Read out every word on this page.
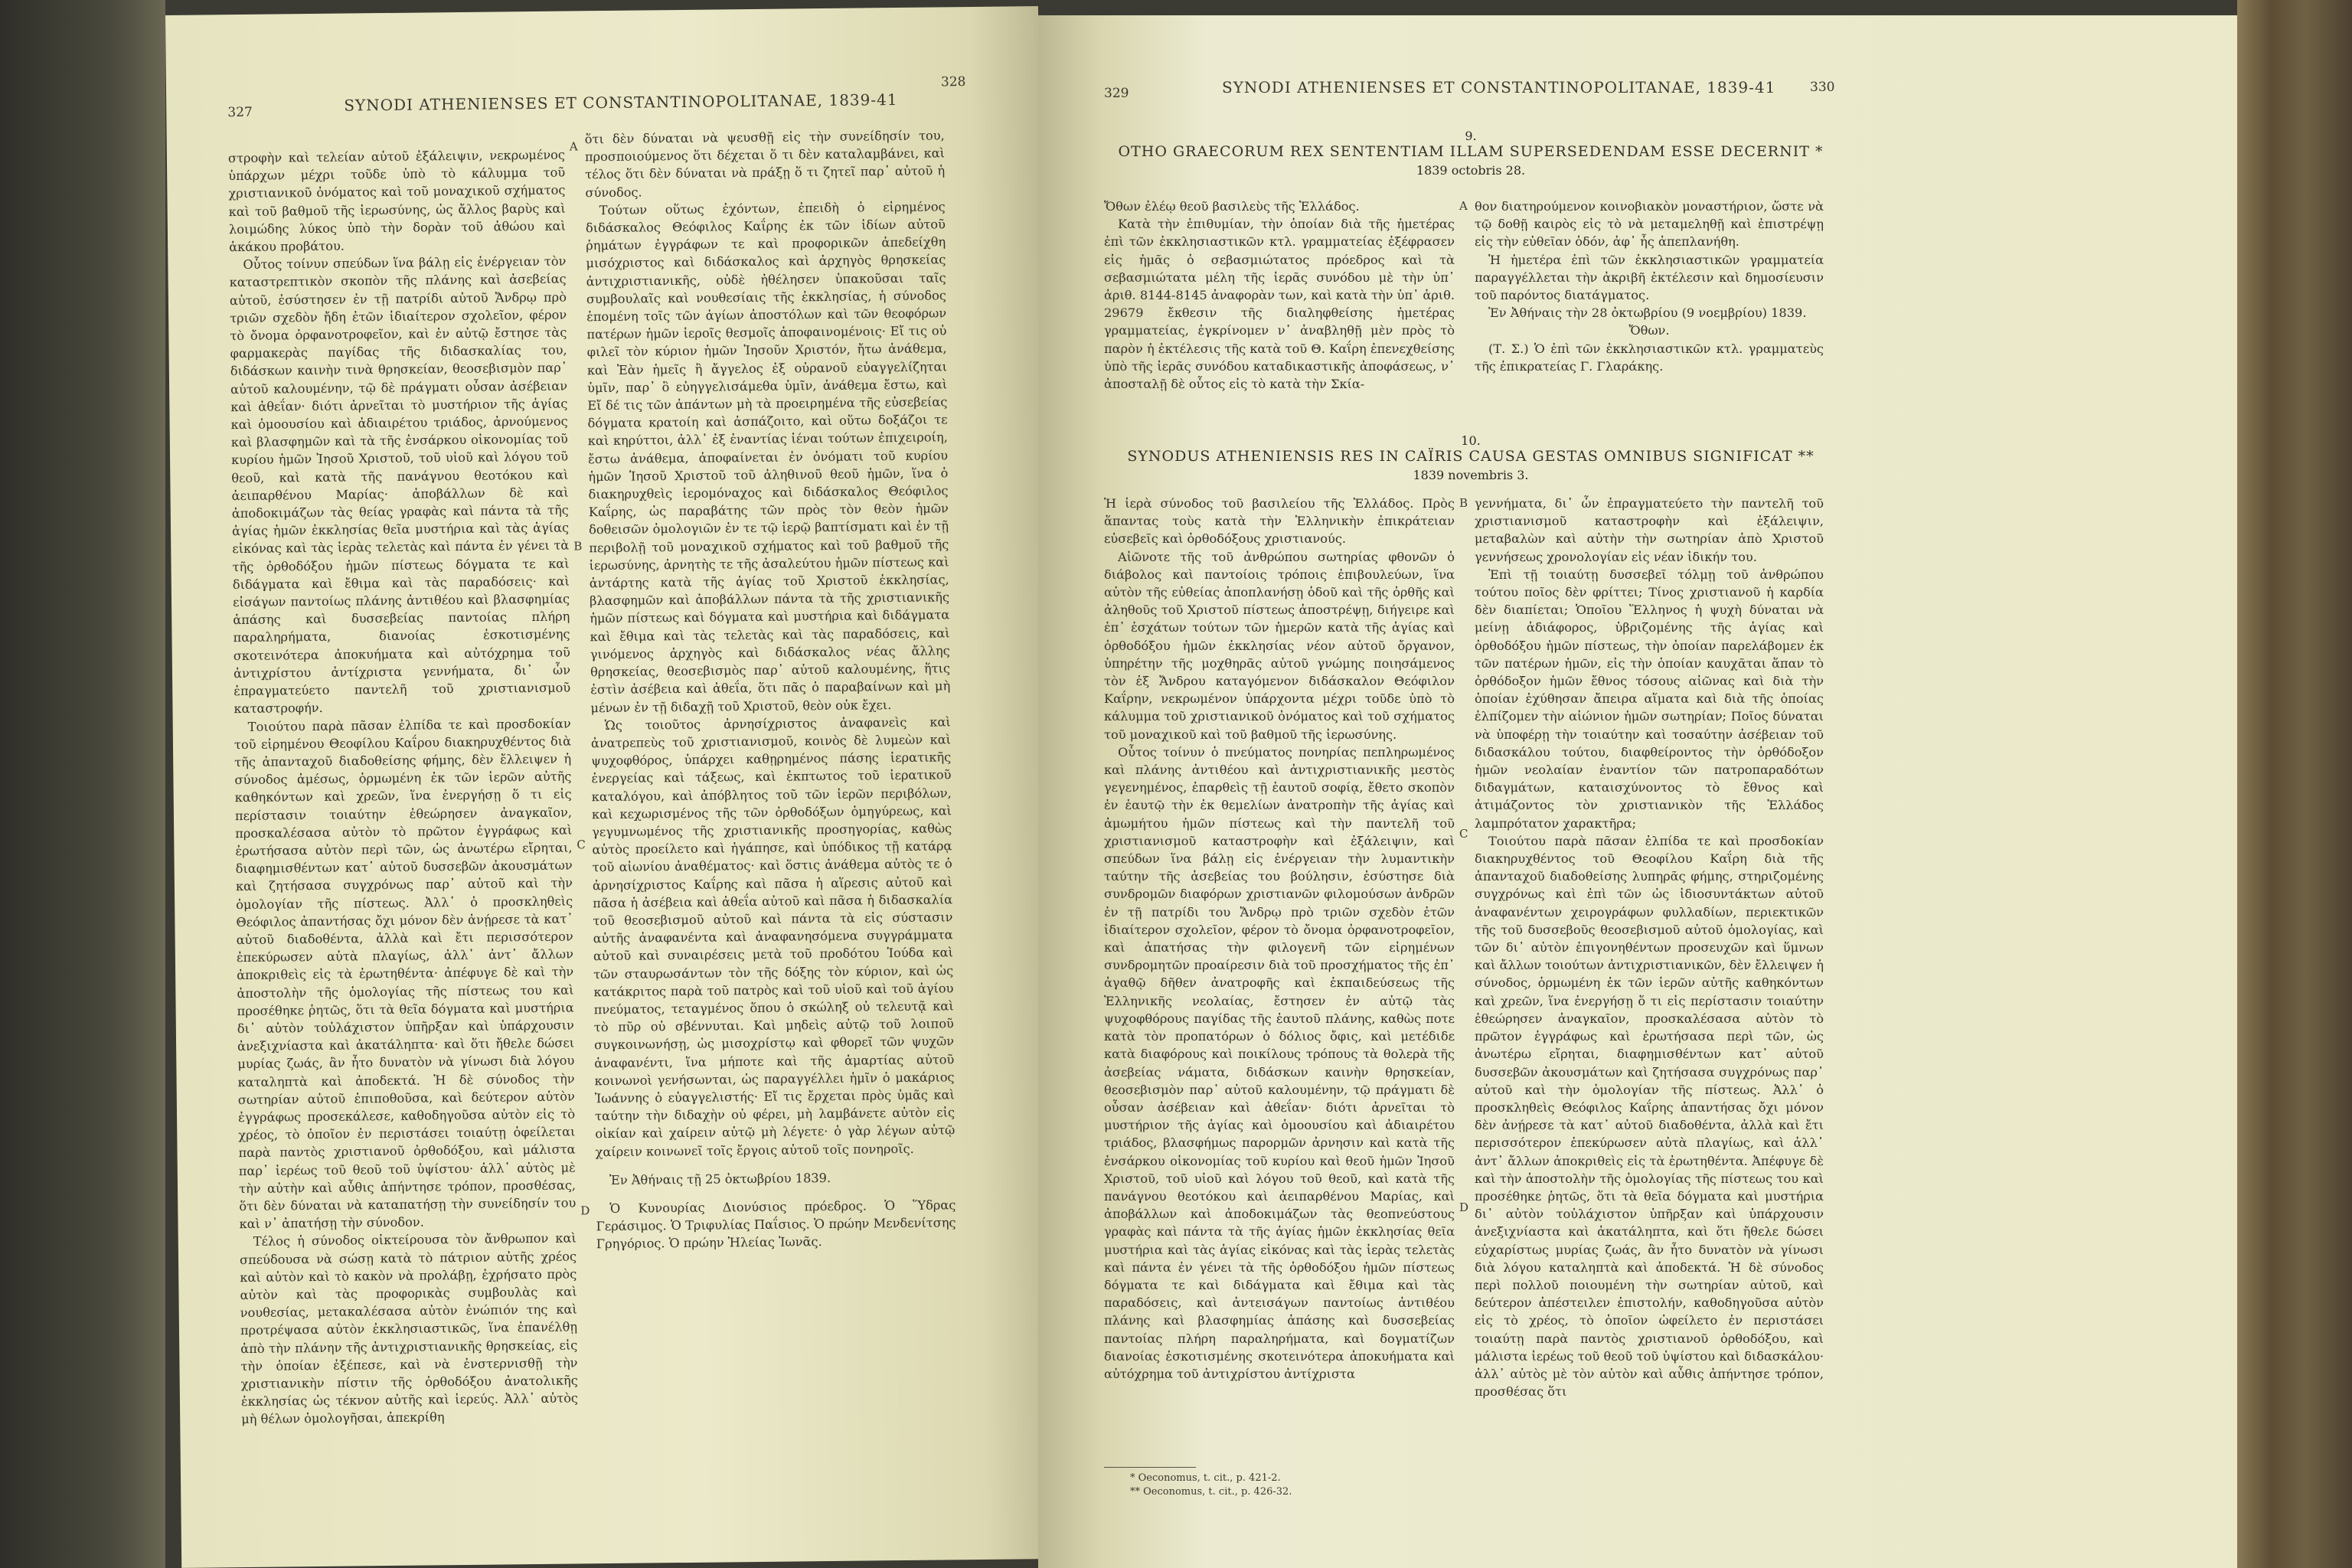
327	SYNODI ATHENIENSES ET CONSTANTINOPOLITANAE, 1839-41
328

στροφὴν καὶ τελείαν αὐτοῦ ἐξάλειψιν, νεκρωμένος ὑπάρχων μέχρι τοῦδε ὑπὸ τὸ κάλυμμα τοῦ χριστιανικοῦ ὀνόματος καὶ τοῦ μοναχικοῦ σχήματος καὶ τοῦ βαθμοῦ τῆς ἱερωσύνης, ὡς ἄλλος βαρὺς καὶ λοιμώδης λύκος ὑπὸ τὴν δορὰν τοῦ ἀθώου καὶ ἀκάκου προβάτου.

Οὗτος τοίνυν σπεύδων ἵνα βάλῃ εἰς ἐνέργειαν τὸν καταστρεπτικὸν σκοπὸν τῆς πλάνης καὶ ἀσεβείας αὐτοῦ, ἐσύστησεν ἐν τῇ πατρίδι αὐτοῦ Ἄνδρῳ πρὸ τριῶν σχεδὸν ἤδη ἐτῶν ἰδιαίτερον σχολεῖον, φέρον τὸ ὄνομα ὀρφανοτροφεῖον, καὶ ἐν αὐτῷ ἔστησε τὰς φαρμακερὰς παγίδας τῆς διδασκαλίας του, διδάσκων καινὴν τινὰ θρησκείαν, θεοσεβισμὸν παρ᾽ αὐτοῦ καλουμένην, τῷ δὲ πράγματι οὖσαν ἀσέβειαν καὶ ἀθεΐαν· διότι ἀρνεῖται τὸ μυστήριον τῆς ἁγίας καὶ ὁμοουσίου καὶ ἀδιαιρέτου τριάδος, ἀρνούμενος καὶ βλασφημῶν καὶ τὰ τῆς ἐνσάρκου οἰκονομίας τοῦ κυρίου ἡμῶν Ἰησοῦ Χριστοῦ, τοῦ υἱοῦ καὶ λόγου τοῦ θεοῦ, καὶ κατὰ τῆς πανάγνου θεοτόκου καὶ ἀειπαρθένου Μαρίας· ἀποβάλλων δὲ καὶ ἀποδοκιμάζων τὰς θείας γραφὰς καὶ πάντα τὰ τῆς ἁγίας ἡμῶν ἐκκλησίας θεῖα μυστήρια καὶ τὰς ἁγίας εἰκόνας καὶ τὰς ἱερὰς τελετὰς καὶ πάντα ἐν γένει τὰ τῆς ὀρθοδόξου ἡμῶν πίστεως δόγματα τε καὶ διδάγματα καὶ ἔθιμα καὶ τὰς παραδόσεις· καὶ εἰσάγων παντοίως πλάνης ἀντιθέου καὶ βλασφημίας ἁπάσης καὶ δυσσεβείας παντοίας πλήρη παραληρήματα, διανοίας ἐσκοτισμένης σκοτεινότερα ἀποκυήματα καὶ αὐτόχρημα τοῦ ἀντιχρίστου ἀντίχριστα γεννήματα, δι᾽ ὧν ἐπραγματεύετο παντελῆ τοῦ χριστιανισμοῦ καταστροφήν.

Τοιούτου παρὰ πᾶσαν ἐλπίδα τε καὶ προσδοκίαν τοῦ εἰρημένου Θεοφίλου Καΐρου διακηρυχθέντος διὰ τῆς ἁπανταχοῦ διαδοθείσης φήμης, δὲν ἔλλειψεν ἡ σύνοδος ἀμέσως, ὁρμωμένη ἐκ τῶν ἱερῶν αὐτῆς καθηκόντων καὶ χρεῶν, ἵνα ἐνεργήσῃ ὅ τι εἰς περίστασιν τοιαύτην ἐθεώρησεν ἀναγκαῖον, προσκαλέσασα αὐτὸν τὸ πρῶτον ἐγγράφως καὶ ἐρωτήσασα αὐτὸν περὶ τῶν, ὡς ἀνωτέρω εἴρηται, διαφημισθέντων κατ᾽ αὐτοῦ δυσσεβῶν ἀκουσμάτων καὶ ζητήσασα συγχρόνως παρ᾽ αὐτοῦ καὶ τὴν ὁμολογίαν τῆς πίστεως. Ἀλλ᾽ ὁ προσκληθεὶς Θεόφιλος ἀπαντήσας ὄχι μόνον δὲν ἀνῄρεσε τὰ κατ᾽ αὐτοῦ διαδοθέντα, ἀλλὰ καὶ ἔτι περισσότερον ἐπεκύρωσεν αὐτὰ πλαγίως, ἀλλ᾽ ἀντ᾽ ἄλλων ἀποκριθεὶς εἰς τὰ ἐρωτηθέντα· ἀπέφυγε δὲ καὶ τὴν ἀποστολὴν τῆς ὁμολογίας τῆς πίστεως του καὶ προσέθηκε ῥητῶς, ὅτι τὰ θεῖα δόγματα καὶ μυστήρια δι᾽ αὐτὸν τοὐλάχιστον ὑπῆρξαν καὶ ὑπάρχουσιν ἀνεξιχνίαστα καὶ ἀκατάληπτα· καὶ ὅτι ἤθελε δώσει μυρίας ζωάς, ἂν ἦτο δυνατὸν νὰ γίνωσι διὰ λόγου καταληπτὰ καὶ ἀποδεκτά. Ἡ δὲ σύνοδος τὴν σωτηρίαν αὐτοῦ ἐπιποθοῦσα, καὶ δεύτερον αὐτὸν ἐγγράφως προσεκάλεσε, καθοδηγοῦσα αὐτὸν εἰς τὸ χρέος, τὸ ὁποῖον ἐν περιστάσει τοιαύτῃ ὀφείλεται παρὰ παντὸς χριστιανοῦ ὀρθοδόξου, καὶ μάλιστα παρ᾽ ἱερέως τοῦ θεοῦ τοῦ ὑψίστου· ἀλλ᾽ αὐτὸς μὲ τὴν αὐτὴν καὶ αὖθις ἀπήντησε τρόπον, προσθέσας, ὅτι δὲν δύναται νὰ καταπατήσῃ τὴν συνείδησίν του καὶ ν᾽ ἀπατήσῃ τὴν σύνοδον.

Τέλος ἡ σύνοδος οἰκτείρουσα τὸν ἄνθρωπον καὶ σπεύδουσα νὰ σώσῃ κατὰ τὸ πάτριον αὐτῆς χρέος καὶ αὐτὸν καὶ τὸ κακὸν νὰ προλάβῃ, ἐχρήσατο πρὸς αὐτὸν καὶ τὰς προφορικὰς συμβουλὰς καὶ νουθεσίας, μετακαλέσασα αὐτὸν ἐνώπιόν της καὶ προτρέψασα αὐτὸν ἐκκλησιαστικῶς, ἵνα ἐπανέλθῃ ἀπὸ τὴν πλάνην τῆς ἀντιχριστιανικῆς θρησκείας, εἰς τὴν ὁποίαν ἐξέπεσε, καὶ νὰ ἐνστερνισθῇ τὴν χριστιανικὴν πίστιν τῆς ὀρθοδόξου ἀνατολικῆς ἐκκλησίας ὡς τέκνον αὐτῆς καὶ ἱερεύς. Ἀλλ᾽ αὐτὸς μὴ θέλων ὁμολογῆσαι, ἀπεκρίθη

A
B
C
D

ὅτι δὲν δύναται νὰ ψευσθῇ εἰς τὴν συνείδησίν του, προσποιούμενος ὅτι δέχεται ὅ τι δὲν καταλαμβάνει, καὶ τέλος ὅτι δὲν δύναται νὰ πράξῃ ὅ τι ζητεῖ παρ᾽ αὐτοῦ ἡ σύνοδος.

Τούτων οὕτως ἐχόντων, ἐπειδὴ ὁ εἰρημένος διδάσκαλος Θεόφιλος Καΐρης ἐκ τῶν ἰδίων αὐτοῦ ῥημάτων ἐγγράφων τε καὶ προφορικῶν ἀπεδείχθη μισόχριστος καὶ διδάσκαλος καὶ ἀρχηγὸς θρησκείας ἀντιχριστιανικῆς, οὐδὲ ἠθέλησεν ὑπακοῦσαι ταῖς συμβουλαῖς καὶ νουθεσίαις τῆς ἐκκλησίας, ἡ σύνοδος ἑπομένη τοῖς τῶν ἁγίων ἀποστόλων καὶ τῶν θεοφόρων πατέρων ἡμῶν ἱεροῖς θεσμοῖς ἀποφαινομένοις· Εἴ τις οὐ φιλεῖ τὸν κύριον ἡμῶν Ἰησοῦν Χριστόν, ἤτω ἀνάθεμα, καὶ Ἐὰν ἡμεῖς ἢ ἄγγελος ἐξ οὐρανοῦ εὐαγγελίζηται ὑμῖν, παρ᾽ ὃ εὐηγγελισάμεθα ὑμῖν, ἀνάθεμα ἔστω, καὶ Εἴ δέ τις τῶν ἁπάντων μὴ τὰ προειρημένα τῆς εὐσεβείας δόγματα κρατοίη καὶ ἀσπάζοιτο, καὶ οὕτω δοξάζοι τε καὶ κηρύττοι, ἀλλ᾽ ἐξ ἐναντίας ἰέναι τούτων ἐπιχειροίη, ἔστω ἀνάθεμα, ἀποφαίνεται ἐν ὀνόματι τοῦ κυρίου ἡμῶν Ἰησοῦ Χριστοῦ τοῦ ἀληθινοῦ θεοῦ ἡμῶν, ἵνα ὁ διακηρυχθεὶς ἱερομόναχος καὶ διδάσκαλος Θεόφιλος Καΐρης, ὡς παραβάτης τῶν πρὸς τὸν θεὸν ἡμῶν δοθεισῶν ὁμολογιῶν ἐν τε τῷ ἱερῷ βαπτίσματι καὶ ἐν τῇ περιβολῇ τοῦ μοναχικοῦ σχήματος καὶ τοῦ βαθμοῦ τῆς ἱερωσύνης, ἀρνητὴς τε τῆς ἀσαλεύτου ἡμῶν πίστεως καὶ ἀντάρτης κατὰ τῆς ἁγίας τοῦ Χριστοῦ ἐκκλησίας, βλασφημῶν καὶ ἀποβάλλων πάντα τὰ τῆς χριστιανικῆς ἡμῶν πίστεως καὶ δόγματα καὶ μυστήρια καὶ διδάγματα καὶ ἔθιμα καὶ τὰς τελετὰς καὶ τὰς παραδόσεις, καὶ γινόμενος ἀρχηγὸς καὶ διδάσκαλος νέας ἄλλης θρησκείας, θεοσεβισμὸς παρ᾽ αὐτοῦ καλουμένης, ἥτις ἐστὶν ἀσέβεια καὶ ἀθεΐα, ὅτι πᾶς ὁ παραβαίνων καὶ μὴ μένων ἐν τῇ διδαχῇ τοῦ Χριστοῦ, θεὸν οὐκ ἔχει.

Ὡς τοιοῦτος ἀρνησίχριστος ἀναφανεὶς καὶ ἀνατρεπεὺς τοῦ χριστιανισμοῦ, κοινὸς δὲ λυμεὼν καὶ ψυχοφθόρος, ὑπάρχει καθῃρημένος πάσης ἱερατικῆς ἐνεργείας καὶ τάξεως, καὶ ἐκπτωτος τοῦ ἱερατικοῦ καταλόγου, καὶ ἀπόβλητος τοῦ τῶν ἱερῶν περιβόλων, καὶ κεχωρισμένος τῆς τῶν ὀρθοδόξων ὁμηγύρεως, καὶ γεγυμνωμένος τῆς χριστιανικῆς προσηγορίας, καθὼς αὐτὸς προείλετο καὶ ἠγάπησε, καὶ ὑπόδικος τῇ κατάρᾳ τοῦ αἰωνίου ἀναθέματος· καὶ ὅστις ἀνάθεμα αὐτὸς τε ὁ ἀρνησίχριστος Καΐρης καὶ πᾶσα ἡ αἵρεσις αὐτοῦ καὶ πᾶσα ἡ ἀσέβεια καὶ ἀθεΐα αὐτοῦ καὶ πᾶσα ἡ διδασκαλία τοῦ θεοσεβισμοῦ αὐτοῦ καὶ πάντα τὰ εἰς σύστασιν αὐτῆς ἀναφανέντα καὶ ἀναφανησόμενα συγγράμματα αὐτοῦ καὶ συναιρέσεις μετὰ τοῦ προδότου Ἰούδα καὶ τῶν σταυρωσάντων τὸν τῆς δόξης τὸν κύριον, καὶ ὡς κατάκριτος παρὰ τοῦ πατρὸς καὶ τοῦ υἱοῦ καὶ τοῦ ἁγίου πνεύματος, τεταγμένος ὅπου ὁ σκώληξ οὐ τελευτᾷ καὶ τὸ πῦρ οὐ σβέννυται. Καὶ μηδεὶς αὐτῷ τοῦ λοιποῦ συγκοινωνήσῃ, ὡς μισοχρίστῳ καὶ φθορεῖ τῶν ψυχῶν ἀναφανέντι, ἵνα μήποτε καὶ τῆς ἁμαρτίας αὐτοῦ κοινωνοὶ γενήσωνται, ὡς παραγγέλλει ἡμῖν ὁ μακάριος Ἰωάννης ὁ εὐαγγελιστής· Εἴ τις ἔρχεται πρὸς ὑμᾶς καὶ ταύτην τὴν διδαχὴν οὐ φέρει, μὴ λαμβάνετε αὐτὸν εἰς οἰκίαν καὶ χαίρειν αὐτῷ μὴ λέγετε· ὁ γὰρ λέγων αὐτῷ χαίρειν κοινωνεῖ τοῖς ἔργοις αὐτοῦ τοῖς πονηροῖς.

Ἐν Ἀθήναις τῇ 25 ὀκτωβρίου 1839.

Ὁ Κυνουρίας Διονύσιος πρόεδρος. Ὁ Ὕδρας Γεράσιμος. Ὁ Τριφυλίας Παΐσιος. Ὁ πρώην Μενδενίτσης Γρηγόριος. Ὁ πρώην Ἠλείας Ἰωνᾶς.

329	SYNODI ATHENIENSES ET CONSTANTINOPOLITANAE, 1839-41	330

9.

OTHO GRAECORUM REX SENTENTIAM ILLAM SUPERSEDENDAM ESSE DECERNIT *

1839 octobris 28.

Ὄθων ἐλέῳ θεοῦ βασιλεὺς τῆς Ἑλλάδος.

Κατὰ τὴν ἐπιθυμίαν, τὴν ὁποίαν διὰ τῆς ἡμετέρας ἐπὶ τῶν ἐκκλησιαστικῶν κτλ. γραμματείας ἐξέφρασεν εἰς ἡμᾶς ὁ σεβασμιώτατος πρόεδρος καὶ τὰ σεβασμιώτατα μέλη τῆς ἱερᾶς συνόδου μὲ τὴν ὑπ᾽ ἀριθ. 8144-8145 ἀναφορὰν των, καὶ κατὰ τὴν ὑπ᾽ ἀριθ. 29679 ἔκθεσιν τῆς διαληφθείσης ἡμετέρας γραμματείας, ἐγκρίνομεν ν᾽ ἀναβληθῇ μὲν πρὸς τὸ παρὸν ἡ ἐκτέλεσις τῆς κατὰ τοῦ Θ. Καΐρη ἐπενεχθείσης ὑπὸ τῆς ἱερᾶς συνόδου καταδικαστικῆς ἀποφάσεως, ν᾽ ἀποσταλῇ δὲ οὗτος εἰς τὸ κατὰ τὴν Σκία-

A θον διατηρούμενον κοινοβιακὸν μοναστήριον, ὥστε νὰ τῷ δοθῇ καιρὸς εἰς τὸ νὰ μεταμεληθῇ καὶ ἐπιστρέψῃ εἰς τὴν εὐθεῖαν ὁδόν, ἀφ᾽ ἧς ἀπεπλανήθη.

Ἡ ἡμετέρα ἐπὶ τῶν ἐκκλησιαστικῶν γραμματεία παραγγέλλεται τὴν ἀκριβῆ ἐκτέλεσιν καὶ δημοσίευσιν τοῦ παρόντος διατάγματος.

Ἐν Ἀθήναις τὴν 28 ὀκτωβρίου (9 νοεμβρίου) 1839.

Ὄθων.

(Τ. Σ.) Ὁ ἐπὶ τῶν ἐκκλησιαστικῶν κτλ. γραμματεὺς τῆς ἐπικρατείας Γ. Γλαράκης.

10.

SYNODUS ATHENIENSIS RES IN CAÏRIS CAUSA GESTAS OMNIBUS SIGNIFICAT **

1839 novembris 3.

Ἡ ἱερὰ σύνοδος τοῦ βασιλείου τῆς Ἑλλάδος. Πρὸς ἅπαντας τοὺς κατὰ τὴν Ἑλληνικὴν ἐπικράτειαν εὐσεβεῖς καὶ ὀρθοδόξους χριστιανούς.

Αἰῶνοτε τῆς τοῦ ἀνθρώπου σωτηρίας φθονῶν ὁ διάβολος καὶ παντοίοις τρόποις ἐπιβουλεύων, ἵνα αὐτὸν τῆς εὐθείας ἀποπλανήσῃ ὁδοῦ καὶ τῆς ὀρθῆς καὶ ἀληθοῦς τοῦ Χριστοῦ πίστεως ἀποστρέψῃ, διήγειρε καὶ ἐπ᾽ ἐσχάτων τούτων τῶν ἡμερῶν κατὰ τῆς ἁγίας καὶ ὀρθοδόξου ἡμῶν ἐκκλησίας νέον αὐτοῦ ὄργανον, ὑπηρέτην τῆς μοχθηρᾶς αὐτοῦ γνώμης ποιησάμενος τὸν ἐξ Ἄνδρου καταγόμενον διδάσκαλον Θεόφιλον Καΐρην, νεκρωμένον ὑπάρχοντα μέχρι τοῦδε ὑπὸ τὸ κάλυμμα τοῦ χριστιανικοῦ ὀνόματος καὶ τοῦ σχήματος τοῦ μοναχικοῦ καὶ τοῦ βαθμοῦ τῆς ἱερωσύνης.

Οὗτος τοίνυν ὁ πνεύματος πονηρίας πεπληρωμένος καὶ πλάνης ἀντιθέου καὶ ἀντιχριστιανικῆς μεστὸς γεγενημένος, ἐπαρθεὶς τῇ ἑαυτοῦ σοφίᾳ, ἔθετο σκοπὸν ἐν ἑαυτῷ τὴν ἐκ θεμελίων ἀνατροπὴν τῆς ἁγίας καὶ ἀμωμήτου ἡμῶν πίστεως καὶ τὴν παντελῆ τοῦ χριστιανισμοῦ καταστροφὴν καὶ ἐξάλειψιν, καὶ σπεύδων ἵνα βάλῃ εἰς ἐνέργειαν τὴν λυμαντικὴν ταύτην τῆς ἀσεβείας του βούλησιν, ἐσύστησε διὰ συνδρομῶν διαφόρων χριστιανῶν φιλομούσων ἀνδρῶν ἐν τῇ πατρίδι του Ἄνδρῳ πρὸ τριῶν σχεδὸν ἐτῶν ἰδιαίτερον σχολεῖον, φέρον τὸ ὄνομα ὀρφανοτροφεῖον, καὶ ἀπατήσας τὴν φιλογενῆ τῶν εἰρημένων συνδρομητῶν προαίρεσιν διὰ τοῦ προσχήματος τῆς ἐπ᾽ ἀγαθῷ δῆθεν ἀνατροφῆς καὶ ἐκπαιδεύσεως τῆς Ἑλληνικῆς νεολαίας, ἔστησεν ἐν αὐτῷ τὰς ψυχοφθόρους παγίδας τῆς ἑαυτοῦ πλάνης, καθὼς ποτε κατὰ τὸν προπατόρων ὁ δόλιος ὄφις, καὶ μετέδιδε κατὰ διαφόρους καὶ ποικίλους τρόπους τὰ θολερὰ τῆς ἀσεβείας νάματα, διδάσκων καινὴν θρησκείαν, θεοσεβισμὸν παρ᾽ αὐτοῦ καλουμένην, τῷ πράγματι δὲ οὖσαν ἀσέβειαν καὶ ἀθεΐαν· διότι ἀρνεῖται τὸ μυστήριον τῆς ἁγίας καὶ ὁμοουσίου καὶ ἀδιαιρέτου τριάδος, βλασφήμως παρορμῶν ἀρνησιν καὶ κατὰ τῆς ἐνσάρκου οἰκονομίας τοῦ κυρίου καὶ θεοῦ ἡμῶν Ἰησοῦ Χριστοῦ, τοῦ υἱοῦ καὶ λόγου τοῦ θεοῦ, καὶ κατὰ τῆς πανάγνου θεοτόκου καὶ ἀειπαρθένου Μαρίας, καὶ ἀποβάλλων καὶ ἀποδοκιμάζων τὰς θεοπνεύστους γραφὰς καὶ πάντα τὰ τῆς ἁγίας ἡμῶν ἐκκλησίας θεῖα μυστήρια καὶ τὰς ἁγίας εἰκόνας καὶ τὰς ἱερὰς τελετὰς καὶ πάντα ἐν γένει τὰ τῆς ὀρθοδόξου ἡμῶν πίστεως δόγματα τε καὶ διδάγματα καὶ ἔθιμα καὶ τὰς παραδόσεις, καὶ ἀντεισάγων παντοίως ἀντιθέου πλάνης καὶ βλασφημίας ἁπάσης καὶ δυσσεβείας παντοίας πλήρη παραληρήματα, καὶ δογματίζων διανοίας ἐσκοτισμένης σκοτεινότερα ἀποκυήματα καὶ αὐτόχρημα τοῦ ἀντιχρίστου ἀντίχριστα

B
C
D

γεννήματα, δι᾽ ὧν ἐπραγματεύετο τὴν παντελῆ τοῦ χριστιανισμοῦ καταστροφὴν καὶ ἐξάλειψιν, μεταβαλὼν καὶ αὐτὴν τὴν σωτηρίαν ἀπὸ Χριστοῦ γεννήσεως χρονολογίαν εἰς νέαν ἰδικήν του.

Ἐπὶ τῇ τοιαύτῃ δυσσεβεῖ τόλμῃ τοῦ ἀνθρώπου τούτου ποῖος δὲν φρίττει; Τίνος χριστιανοῦ ἡ καρδία δὲν διαπίεται; Ὁποῖου Ἕλληνος ἡ ψυχὴ δύναται νὰ μείνῃ ἀδιάφορος, ὑβριζομένης τῆς ἁγίας καὶ ὀρθοδόξου ἡμῶν πίστεως, τὴν ὁποίαν παρελάβομεν ἐκ τῶν πατέρων ἡμῶν, εἰς τὴν ὁποίαν καυχᾶται ἅπαν τὸ ὀρθόδοξον ἡμῶν ἔθνος τόσους αἰῶνας καὶ διὰ τὴν ὁποίαν ἐχύθησαν ἄπειρα αἵματα καὶ διὰ τῆς ὁποίας ἐλπίζομεν τὴν αἰώνιον ἡμῶν σωτηρίαν; Ποῖος δύναται νὰ ὑποφέρῃ τὴν τοιαύτην καὶ τοσαύτην ἀσέβειαν τοῦ διδασκάλου τούτου, διαφθείροντος τὴν ὀρθόδοξον ἡμῶν νεολαίαν ἐναντίον τῶν πατροπαραδότων διδαγμάτων, καταισχύνοντος τὸ ἔθνος καὶ ἀτιμάζοντος τὸν χριστιανικὸν τῆς Ἑλλάδος λαμπρότατον χαρακτῆρα;

Τοιούτου παρὰ πᾶσαν ἐλπίδα τε καὶ προσδοκίαν διακηρυχθέντος τοῦ Θεοφίλου Καΐρη διὰ τῆς ἁπανταχοῦ διαδοθείσης λυπηρᾶς φήμης, στηριζομένης συγχρόνως καὶ ἐπὶ τῶν ὡς ἰδιοσυντάκτων αὐτοῦ ἀναφανέντων χειρογράφων φυλλαδίων, περιεκτικῶν τῆς τοῦ δυσσεβοῦς θεοσεβισμοῦ αὐτοῦ ὁμολογίας, καὶ τῶν δι᾽ αὐτὸν ἐπιγονηθέντων προσευχῶν καὶ ὕμνων καὶ ἄλλων τοιούτων ἀντιχριστιανικῶν, δὲν ἔλλειψεν ἡ σύνοδος, ὁρμωμένη ἐκ τῶν ἱερῶν αὐτῆς καθηκόντων καὶ χρεῶν, ἵνα ἐνεργήσῃ ὅ τι εἰς περίστασιν τοιαύτην ἐθεώρησεν ἀναγκαῖον, προσκαλέσασα αὐτὸν τὸ πρῶτον ἐγγράφως καὶ ἐρωτήσασα περὶ τῶν, ὡς ἀνωτέρω εἴρηται, διαφημισθέντων κατ᾽ αὐτοῦ δυσσεβῶν ἀκουσμάτων καὶ ζητήσασα συγχρόνως παρ᾽ αὐτοῦ καὶ τὴν ὁμολογίαν τῆς πίστεως. Ἀλλ᾽ ὁ προσκληθεὶς Θεόφιλος Καΐρης ἀπαντήσας ὄχι μόνον δὲν ἀνῄρεσε τὰ κατ᾽ αὐτοῦ διαδοθέντα, ἀλλὰ καὶ ἔτι περισσότερον ἐπεκύρωσεν αὐτὰ πλαγίως, καὶ ἀλλ᾽ ἀντ᾽ ἄλλων ἀποκριθεὶς εἰς τὰ ἐρωτηθέντα. Ἀπέφυγε δὲ καὶ τὴν ἀποστολὴν τῆς ὁμολογίας τῆς πίστεως του καὶ προσέθηκε ῥητῶς, ὅτι τὰ θεῖα δόγματα καὶ μυστήρια δι᾽ αὐτὸν τοὐλάχιστον ὑπῆρξαν καὶ ὑπάρχουσιν ἀνεξιχνίαστα καὶ ἀκατάληπτα, καὶ ὅτι ἤθελε δώσει εὐχαρίστως μυρίας ζωάς, ἂν ἦτο δυνατὸν νὰ γίνωσι διὰ λόγου καταληπτὰ καὶ ἀποδεκτά. Ἡ δὲ σύνοδος περὶ πολλοῦ ποιουμένη τὴν σωτηρίαν αὐτοῦ, καὶ δεύτερον ἀπέστειλεν ἐπιστολήν, καθοδηγοῦσα αὐτὸν εἰς τὸ χρέος, τὸ ὁποῖον ὠφείλετο ἐν περιστάσει τοιαύτῃ παρὰ παντὸς χριστιανοῦ ὀρθοδόξου, καὶ μάλιστα ἱερέως τοῦ θεοῦ τοῦ ὑψίστου καὶ διδασκάλου· ἀλλ᾽ αὐτὸς μὲ τὸν αὐτὸν καὶ αὖθις ἀπήντησε τρόπον, προσθέσας ὅτι

* Oeconomus, t. cit., p. 421-2.
** Oeconomus, t. cit., p. 426-32.
